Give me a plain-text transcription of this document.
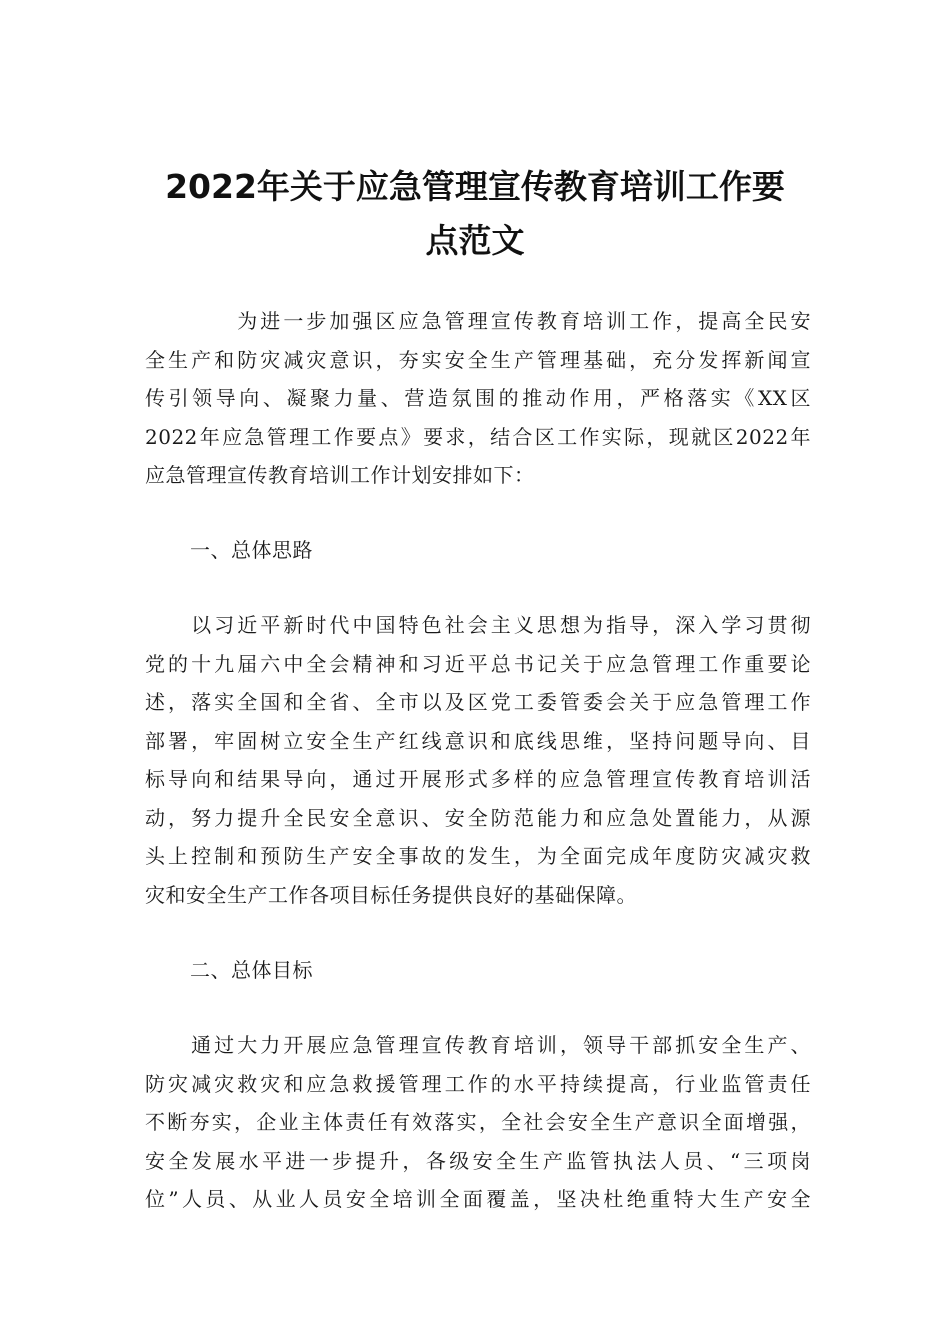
2022年关于应急管理宣传教育培训工作要
点范文
　　　　为进一步加强区应急管理宣传教育培训工作，提高全民安
全生产和防灾减灾意识，夯实安全生产管理基础，充分发挥新闻宣
传引领导向、凝聚力量、营造氛围的推动作用，严格落实《XX区
2022年应急管理工作要点》要求，结合区工作实际，现就区2022年
应急管理宣传教育培训工作计划安排如下：
一、总体思路
　　以习近平新时代中国特色社会主义思想为指导，深入学习贯彻
党的十九届六中全会精神和习近平总书记关于应急管理工作重要论
述，落实全国和全省、全市以及区党工委管委会关于应急管理工作
部署，牢固树立安全生产红线意识和底线思维，坚持问题导向、目
标导向和结果导向，通过开展形式多样的应急管理宣传教育培训活
动，努力提升全民安全意识、安全防范能力和应急处置能力，从源
头上控制和预防生产安全事故的发生，为全面完成年度防灾减灾救
灾和安全生产工作各项目标任务提供良好的基础保障。
二、总体目标
　　通过大力开展应急管理宣传教育培训，领导干部抓安全生产、
防灾减灾救灾和应急救援管理工作的水平持续提高，行业监管责任
不断夯实，企业主体责任有效落实，全社会安全生产意识全面增强，
安全发展水平进一步提升，各级安全生产监管执法人员、“三项岗
位”人员、从业人员安全培训全面覆盖，坚决杜绝重特大生产安全
